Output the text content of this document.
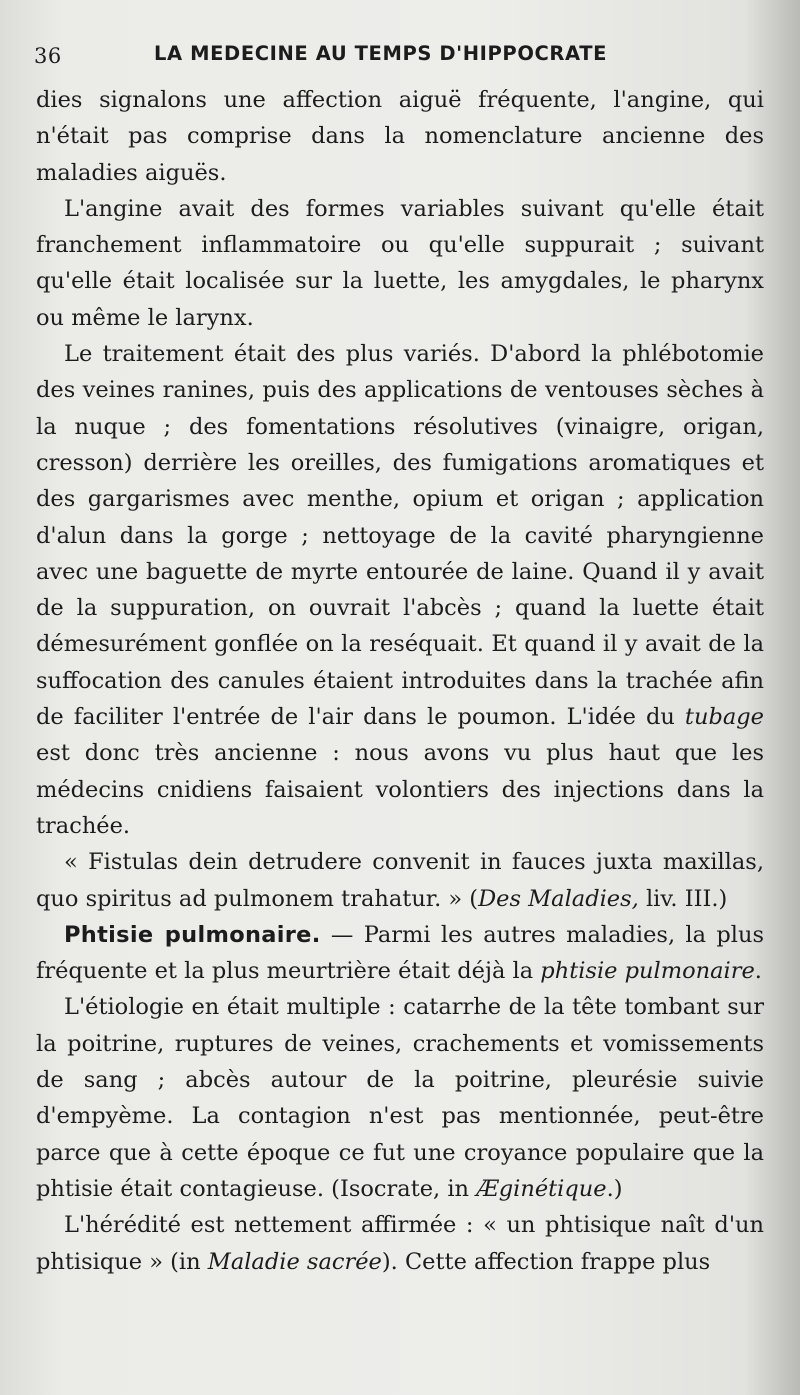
36	LA MEDECINE AU TEMPS D'HIPPOCRATE

dies signalons une affection aiguë fréquente, l'angine, qui n'était pas comprise dans la nomenclature ancienne des maladies aiguës.

L'angine avait des formes variables suivant qu'elle était franchement inflammatoire ou qu'elle suppurait ; suivant qu'elle était localisée sur la luette, les amygdales, le pharynx ou même le larynx.

Le traitement était des plus variés. D'abord la phlébotomie des veines ranines, puis des applications de ventouses sèches à la nuque ; des fomentations résolutives (vinaigre, origan, cresson) derrière les oreilles, des fumigations aromatiques et des gargarismes avec menthe, opium et origan ; application d'alun dans la gorge ; nettoyage de la cavité pharyngienne avec une baguette de myrte entourée de laine. Quand il y avait de la suppuration, on ouvrait l'abcès ; quand la luette était démesurément gonflée on la reséquait. Et quand il y avait de la suffocation des canules étaient introduites dans la trachée afin de faciliter l'entrée de l'air dans le poumon. L'idée du tubage est donc très ancienne : nous avons vu plus haut que les médecins cnidiens faisaient volontiers des injections dans la trachée.

« Fistulas dein detrudere convenit in fauces juxta maxillas, quo spiritus ad pulmonem trahatur. » (Des Maladies, liv. III.)

Phtisie pulmonaire. — Parmi les autres maladies, la plus fréquente et la plus meurtrière était déjà la phtisie pulmonaire.

L'étiologie en était multiple : catarrhe de la tête tombant sur la poitrine, ruptures de veines, crachements et vomissements de sang ; abcès autour de la poitrine, pleurésie suivie d'empyème. La contagion n'est pas mentionnée, peut-être parce que à cette époque ce fut une croyance populaire que la phtisie était contagieuse. (Isocrate, in Æginétique.)

L'hérédité est nettement affirmée : « un phtisique naît d'un phtisique » (in Maladie sacrée). Cette affection frappe plus
